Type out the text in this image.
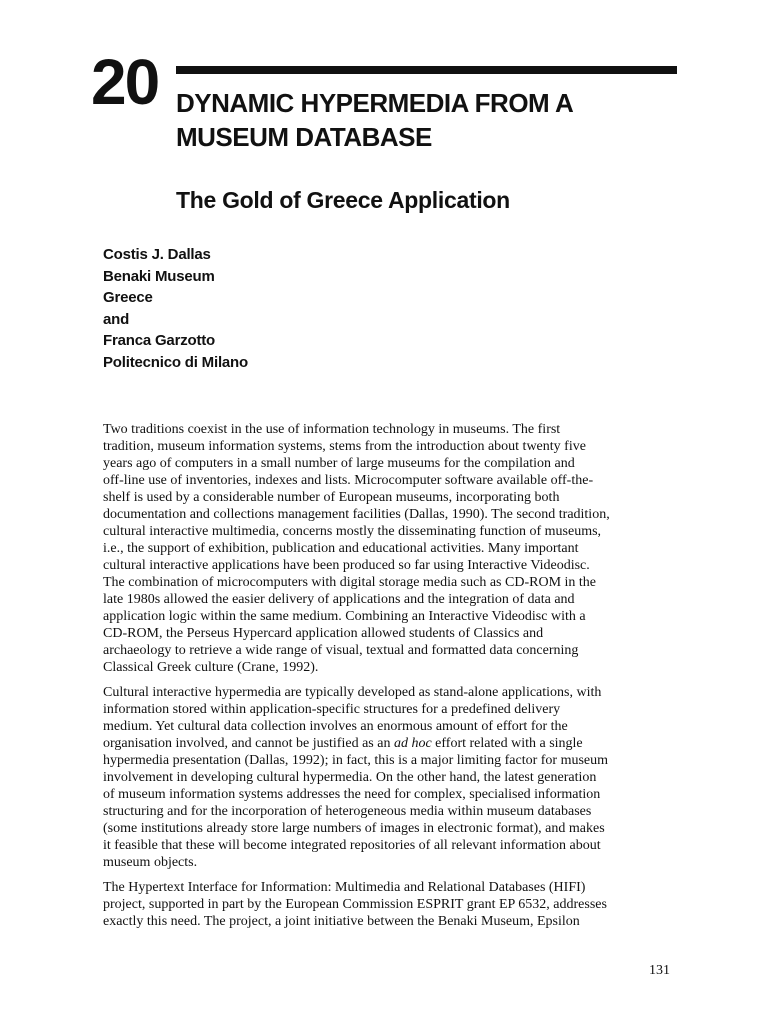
20 DYNAMIC HYPERMEDIA FROM A
MUSEUM DATABASE
The Gold of Greece Application
Costis J. Dallas
Benaki Museum
Greece
and
Franca Garzotto
Politecnico di Milano

Two traditions coexist in the use of information technology in museums. The first
tradition, museum information systems, stems from the introduction about twenty five
years ago of computers in a small number of large museums for the compilation and
off-line use of inventories, indexes and lists. Microcomputer software available off-the-
shelf is used by a considerable number of European museums, incorporating both
documentation and collections management facilities (Dallas, 1990). The second tradition,
cultural interactive multimedia, concerns mostly the disseminating function of museums,
i.e., the support of exhibition, publication and educational activities. Many important
cultural interactive applications have been produced so far using Interactive Videodisc.
The combination of microcomputers with digital storage media such as CD-ROM in the
late 1980s allowed the easier delivery of applications and the integration of data and
application logic within the same medium. Combining an Interactive Videodisc with a
CD-ROM, the Perseus Hypercard application allowed students of Classics and
archaeology to retrieve a wide range of visual, textual and formatted data concerning
Classical Greek culture (Crane, 1992).

Cultural interactive hypermedia are typically developed as stand-alone applications, with
information stored within application-specific structures for a predefined delivery
medium. Yet cultural data collection involves an enormous amount of effort for the
organisation involved, and cannot be justified as an ad hoc effort related with a single
hypermedia presentation (Dallas, 1992); in fact, this is a major limiting factor for museum
involvement in developing cultural hypermedia. On the other hand, the latest generation
of museum information systems addresses the need for complex, specialised information
structuring and for the incorporation of heterogeneous media within museum databases
(some institutions already store large numbers of images in electronic format), and makes
it feasible that these will become integrated repositories of all relevant information about
museum objects.

The Hypertext Interface for Information: Multimedia and Relational Databases (HIFI)
project, supported in part by the European Commission ESPRIT grant EP 6532, addresses
exactly this need. The project, a joint initiative between the Benaki Museum, Epsilon

131
